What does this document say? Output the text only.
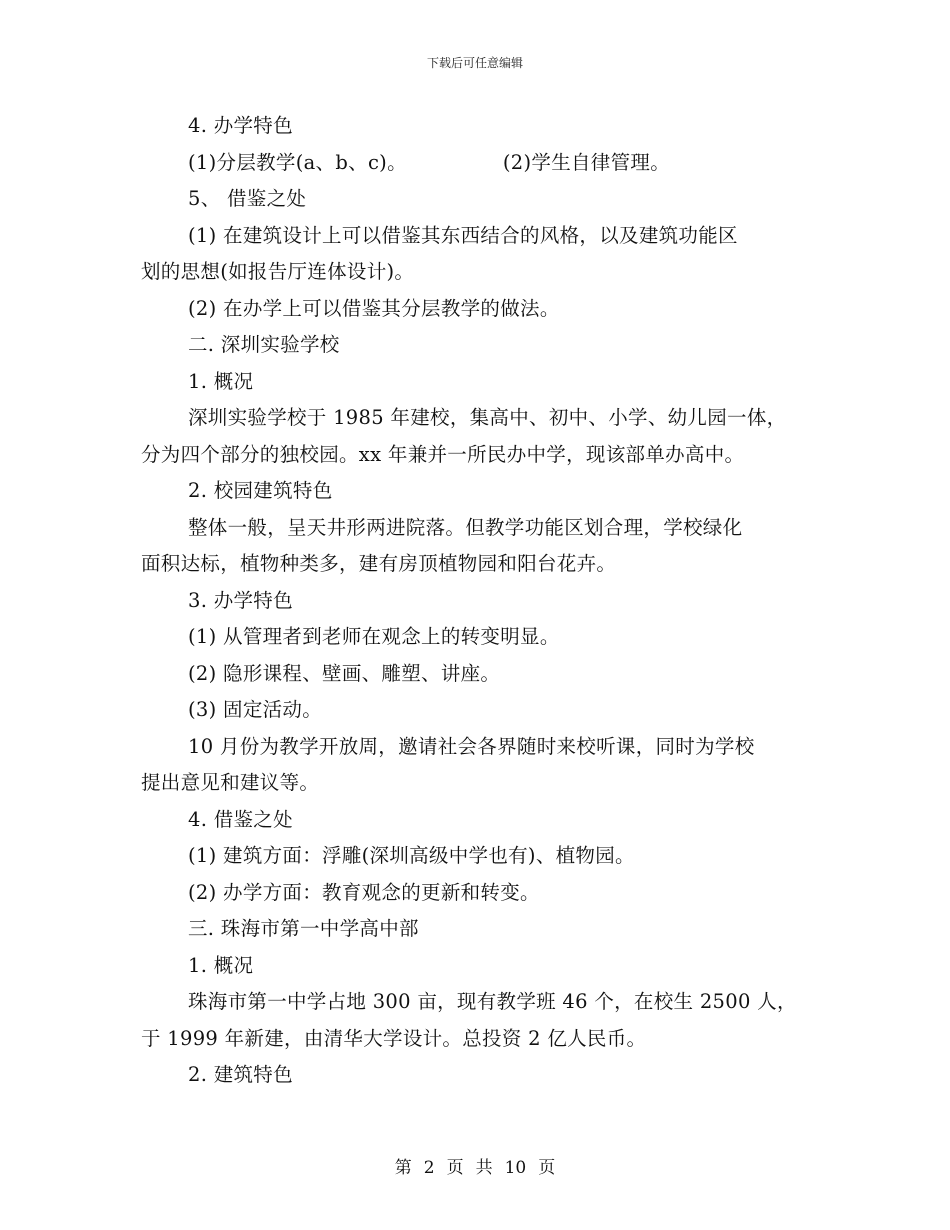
下载后可任意编辑
4. 办学特色
(1)分层教学(a、b、c)。	(2)学生自律管理。
5、 借鉴之处
(1) 在建筑设计上可以借鉴其东西结合的风格，以及建筑功能区
划的思想(如报告厅连体设计)。
(2) 在办学上可以借鉴其分层教学的做法。
二. 深圳实验学校
1. 概况
深圳实验学校于 1985 年建校，集高中、初中、小学、幼儿园一体，
分为四个部分的独校园。xx 年兼并一所民办中学，现该部单办高中。
2. 校园建筑特色
整体一般，呈天井形两进院落。但教学功能区划合理，学校绿化
面积达标，植物种类多，建有房顶植物园和阳台花卉。
3. 办学特色
(1) 从管理者到老师在观念上的转变明显。
(2) 隐形课程、壁画、雕塑、讲座。
(3) 固定活动。
10 月份为教学开放周，邀请社会各界随时来校听课，同时为学校
提出意见和建议等。
4. 借鉴之处
(1) 建筑方面：浮雕(深圳高级中学也有)、植物园。
(2) 办学方面：教育观念的更新和转变。
三. 珠海市第一中学高中部
1. 概况
珠海市第一中学占地 300 亩，现有教学班 46 个，在校生 2500 人，
于 1999 年新建，由清华大学设计。总投资 2 亿人民币。
2. 建筑特色
第 2 页 共 10 页
